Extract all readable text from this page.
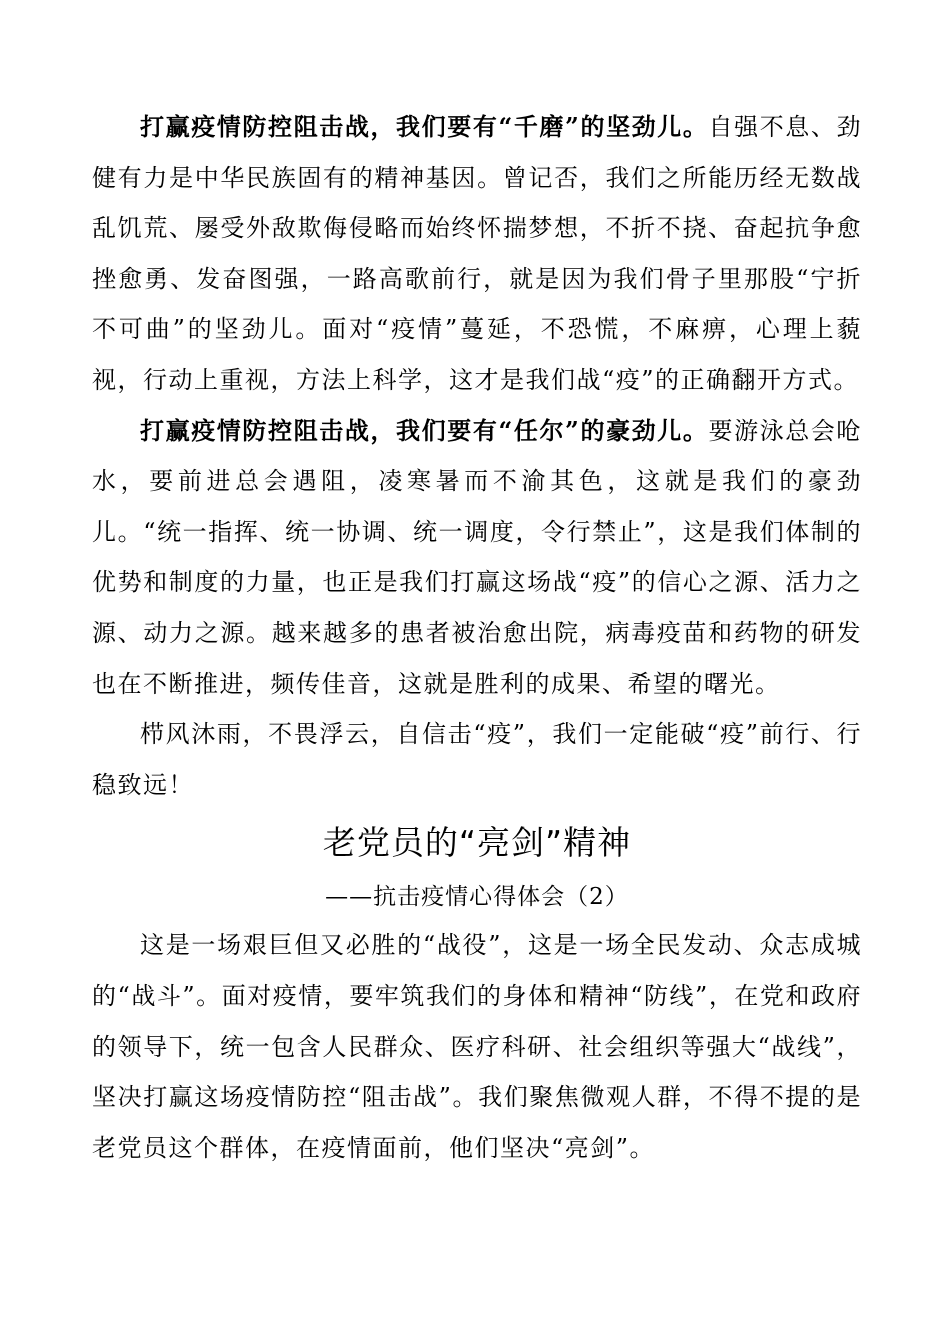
打赢疫情防控阻击战，我们要有“千磨”的坚劲儿。自强不息、劲健有力是中华民族固有的精神基因。曾记否，我们之所能历经无数战乱饥荒、屡受外敌欺侮侵略而始终怀揣梦想，不折不挠、奋起抗争愈挫愈勇、发奋图强，一路高歌前行，就是因为我们骨子里那股“宁折不可曲”的坚劲儿。面对“疫情”蔓延，不恐慌，不麻痹，心理上藐视，行动上重视，方法上科学，这才是我们战“疫”的正确翻开方式。

打赢疫情防控阻击战，我们要有“任尔”的豪劲儿。要游泳总会呛水，要前进总会遇阻，凌寒暑而不渝其色，这就是我们的豪劲儿。“统一指挥、统一协调、统一调度，令行禁止”，这是我们体制的优势和制度的力量，也正是我们打赢这场战“疫”的信心之源、活力之源、动力之源。越来越多的患者被治愈出院，病毒疫苗和药物的研发也在不断推进，频传佳音，这就是胜利的成果、希望的曙光。

栉风沐雨，不畏浮云，自信击“疫”，我们一定能破“疫”前行、行稳致远！

老党员的“亮剑”精神
——抗击疫情心得体会（2）

这是一场艰巨但又必胜的“战役”，这是一场全民发动、众志成城的“战斗”。面对疫情，要牢筑我们的身体和精神“防线”，在党和政府的领导下，统一包含人民群众、医疗科研、社会组织等强大“战线”，坚决打赢这场疫情防控“阻击战”。我们聚焦微观人群，不得不提的是老党员这个群体，在疫情面前，他们坚决“亮剑”。
